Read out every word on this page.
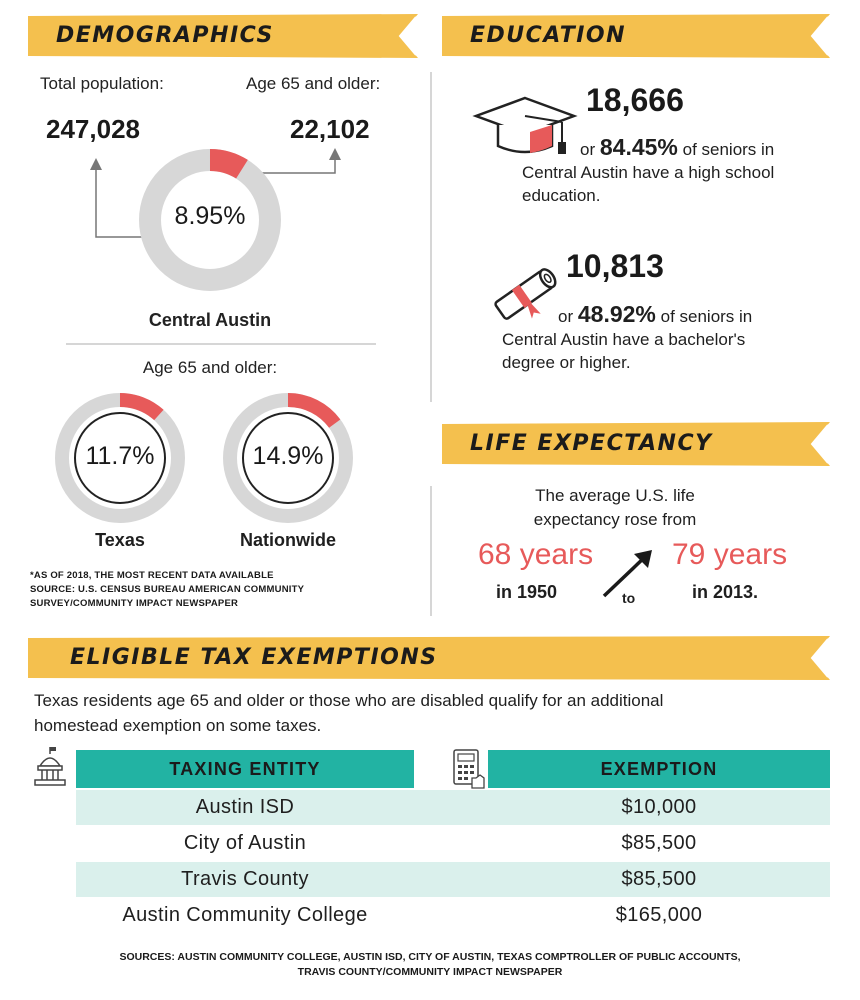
DEMOGRAPHICS	EDUCATION
Total population:	Age 65 and older:
247,028	22,102
8.95%
Central Austin
Age 65 and older:
11.7%
Texas
14.9%
Nationwide
*AS OF 2018, THE MOST RECENT DATA AVAILABLE
SOURCE: U.S. CENSUS BUREAU AMERICAN COMMUNITY
SURVEY/COMMUNITY IMPACT NEWSPAPER
18,666
or 84.45% of seniors in
Central Austin have a high school
education.
10,813
or 48.92% of seniors in
Central Austin have a bachelor's
degree or higher.
LIFE EXPECTANCY
The average U.S. life
expectancy rose from
68 years	79 years
in 1950	in 2013.
to
ELIGIBLE TAX EXEMPTIONS
Texas residents age 65 and older or those who are disabled qualify for an additional
homestead exemption on some taxes.
TAXING ENTITY	EXEMPTION
Austin ISD	$10,000
City of Austin	$85,500
Travis County	$85,500
Austin Community College	$165,000
SOURCES: AUSTIN COMMUNITY COLLEGE, AUSTIN ISD, CITY OF AUSTIN, TEXAS COMPTROLLER OF PUBLIC ACCOUNTS,
TRAVIS COUNTY/COMMUNITY IMPACT NEWSPAPER
